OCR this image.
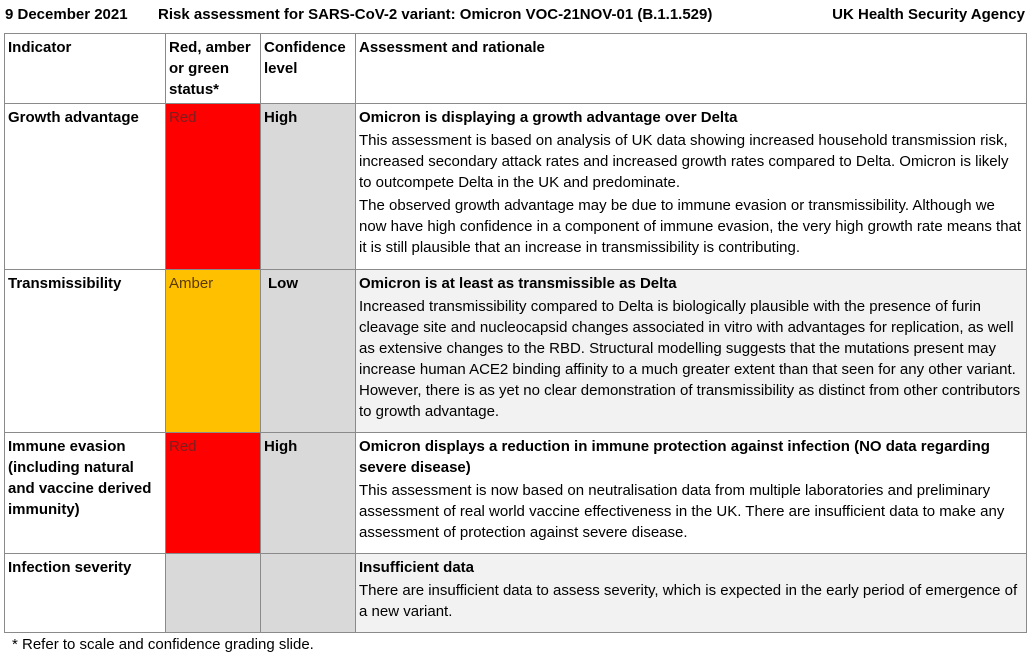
9 December 2021 Risk assessment for SARS-CoV-2 variant: Omicron VOC-21NOV-01 (B.1.1.529)	UK Health Security Agency
Indicator	Red, amber or green status*	Confidence level	Assessment and rationale
Growth advantage	Red	High	Omicron is displaying a growth advantage over Delta
This assessment is based on analysis of UK data showing increased household transmission risk, increased secondary attack rates and increased growth rates compared to Delta. Omicron is likely to outcompete Delta in the UK and predominate.
The observed growth advantage may be due to immune evasion or transmissibility. Although we now have high confidence in a component of immune evasion, the very high growth rate means that it is still plausible that an increase in transmissibility is contributing.

Transmissibility	Amber	Low	Omicron is at least as transmissible as Delta
Increased transmissibility compared to Delta is biologically plausible with the presence of furin cleavage site and nucleocapsid changes associated in vitro with advantages for replication, as well as extensive changes to the RBD. Structural modelling suggests that the mutations present may increase human ACE2 binding affinity to a much greater extent than that seen for any other variant. However, there is as yet no clear demonstration of transmissibility as distinct from other contributors to growth advantage.

Immune evasion (including natural and vaccine derived immunity)	Red	High	Omicron displays a reduction in immune protection against infection (NO data regarding severe disease)
This assessment is now based on neutralisation data from multiple laboratories and preliminary assessment of real world vaccine effectiveness in the UK. There are insufficient data to make any assessment of protection against severe disease.

Infection severity			Insufficient data
There are insufficient data to assess severity, which is expected in the early period of emergence of a new variant.
* Refer to scale and confidence grading slide.
